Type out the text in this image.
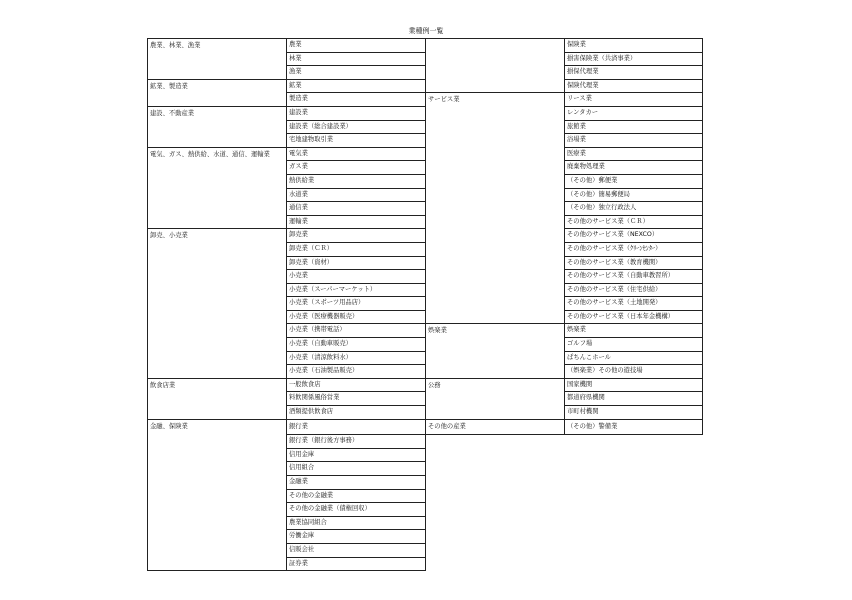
業種例一覧
農業、林業、漁業	農業		保険業
	林業		損害保険業（共済事業）
	漁業		損保代理業
鉱業、製造業	鉱業		保険代理業
	製造業	サービス業	リース業
建設、不動産業	建設業		レンタカー
	建設業（総合建設業）		旅館業
	宅地建物取引業		浴場業
電気、ガス、熱供給、水道、通信、運輸業	電気業		医療業
	ガス業		廃棄物処理業
	熱供給業		（その他）郵便業
	水道業		（その他）簡易郵便局
	通信業		（その他）独立行政法人
	運輸業		その他のサービス業（ＣＲ）
卸売、小売業	卸売業		その他のサービス業（NEXCO）
	卸売業（ＣＲ）		その他のサービス業（ｸﾘｰﾝｾﾝﾀｰ）
	卸売業（資材）		その他のサービス業（教育機関）
	小売業		その他のサービス業（自動車教習所）
	小売業（スーパーマーケット）		その他のサービス業（住宅供給）
	小売業（スポーツ用品店）		その他のサービス業（土地開発）
	小売業（医療機器販売）		その他のサービス業（日本年金機構）
	小売業（携帯電話）	娯楽業	娯楽業
	小売業（自動車販売）		ゴルフ場
	小売業（清涼飲料水）		ぱちんこホール
	小売業（石油製品販売）		（娯楽業）その他の遊技場
飲食店業	一般飲食店	公務	国家機関
	料飲関係風俗営業		都道府県機関
	酒類提供飲食店		市町村機関
金融、保険業	銀行業	その他の産業	（その他）警備業
	銀行業（銀行後方事務）		
	信用金庫		
	信用組合		
	金融業		
	その他の金融業		
	その他の金融業（債権回収）		
	農業協同組合		
	労働金庫		
	信販会社		
	証券業		
